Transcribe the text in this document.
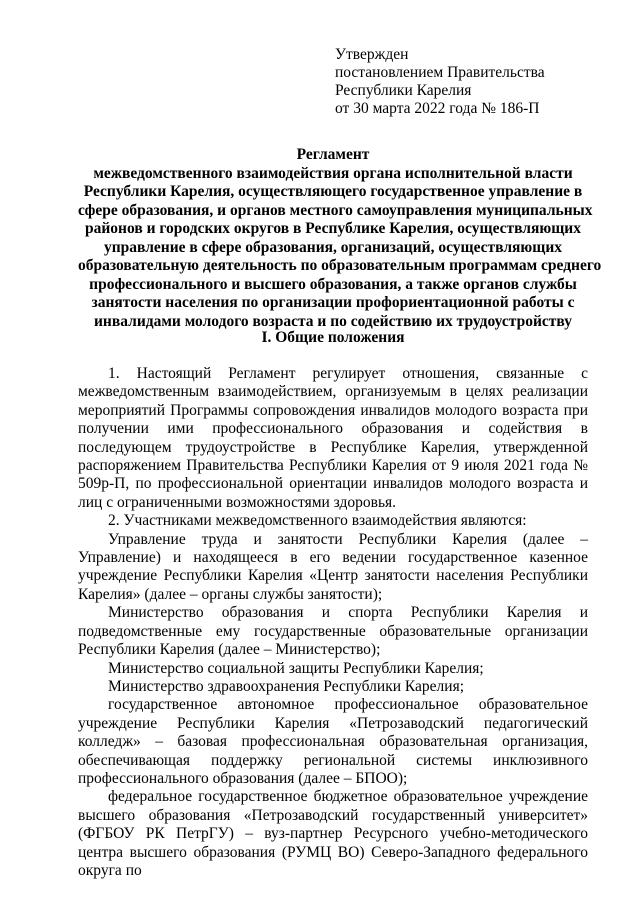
Утвержден
постановлением Правительства
Республики Карелия
от 30 марта 2022 года № 186-П
Регламент
межведомственного взаимодействия органа исполнительной власти
Республики Карелия, осуществляющего государственное управление в
сфере образования, и органов местного самоуправления муниципальных
районов и городских округов в Республике Карелия, осуществляющих
управление в сфере образования, организаций, осуществляющих
образовательную деятельность по образовательным программам среднего
профессионального и высшего образования, а также органов службы
занятости населения по организации профориентационной работы с
инвалидами молодого возраста и по содействию их трудоустройству
I. Общие положения

1. Настоящий Регламент регулирует отношения, связанные с межведомственным взаимодействием, организуемым в целях реализации мероприятий Программы сопровождения инвалидов молодого возраста при получении ими профессионального образования и содействия в последующем трудоустройстве в Республике Карелия, утвержденной распоряжением Правительства Республики Карелия от 9 июля 2021 года № 509р-П, по профессиональной ориентации инвалидов молодого возраста и лиц с ограниченными возможностями здоровья.

2. Участниками межведомственного взаимодействия являются:

Управление труда и занятости Республики Карелия (далее – Управление) и находящееся в его ведении государственное казенное учреждение Республики Карелия «Центр занятости населения Республики Карелия» (далее – органы службы занятости);

Министерство образования и спорта Республики Карелия и подведомственные ему государственные образовательные организации Республики Карелия (далее – Министерство);

Министерство социальной защиты Республики Карелия;

Министерство здравоохранения Республики Карелия;

государственное автономное профессиональное образовательное учреждение Республики Карелия «Петрозаводский педагогический колледж» – базовая профессиональная образовательная организация, обеспечивающая поддержку региональной системы инклюзивного профессионального образования (далее – БПОО);

федеральное государственное бюджетное образовательное учреждение высшего образования «Петрозаводский государственный университет» (ФГБОУ РК ПетрГУ) – вуз-партнер Ресурсного учебно-методического центра высшего образования (РУМЦ ВО) Северо-Западного федерального округа по
